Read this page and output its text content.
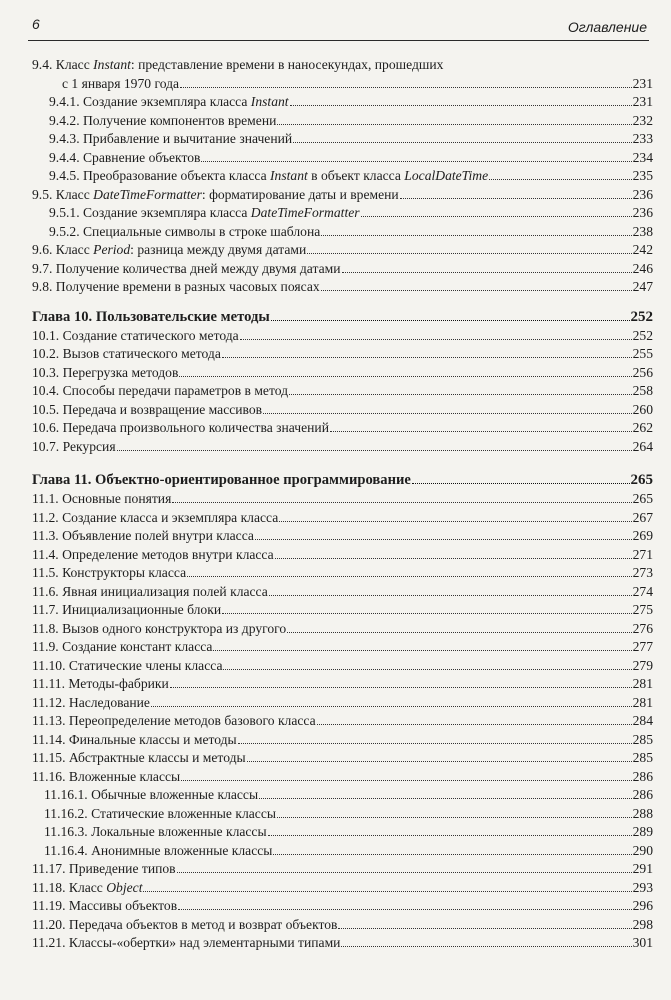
6	Оглавление
9.4. Класс Instant: представление времени в наносекундах, прошедших
с 1 января 1970 года	231
9.4.1. Создание экземпляра класса Instant	231
9.4.2. Получение компонентов времени	232
9.4.3. Прибавление и вычитание значений	233
9.4.4. Сравнение объектов	234
9.4.5. Преобразование объекта класса Instant в объект класса LocalDateTime	235
9.5. Класс DateTimeFormatter: форматирование даты и времени	236
9.5.1. Создание экземпляра класса DateTimeFormatter	236
9.5.2. Специальные символы в строке шаблона	238
9.6. Класс Period: разница между двумя датами	242
9.7. Получение количества дней между двумя датами	246
9.8. Получение времени в разных часовых поясах	247
Глава 10. Пользовательские методы	252
10.1. Создание статического метода	252
10.2. Вызов статического метода	255
10.3. Перегрузка методов	256
10.4. Способы передачи параметров в метод	258
10.5. Передача и возвращение массивов	260
10.6. Передача произвольного количества значений	262
10.7. Рекурсия	264
Глава 11. Объектно-ориентированное программирование	265
11.1. Основные понятия	265
11.2. Создание класса и экземпляра класса	267
11.3. Объявление полей внутри класса	269
11.4. Определение методов внутри класса	271
11.5. Конструкторы класса	273
11.6. Явная инициализация полей класса	274
11.7. Инициализационные блоки	275
11.8. Вызов одного конструктора из другого	276
11.9. Создание констант класса	277
11.10. Статические члены класса	279
11.11. Методы-фабрики	281
11.12. Наследование	281
11.13. Переопределение методов базового класса	284
11.14. Финальные классы и методы	285
11.15. Абстрактные классы и методы	285
11.16. Вложенные классы	286
11.16.1. Обычные вложенные классы	286
11.16.2. Статические вложенные классы	288
11.16.3. Локальные вложенные классы	289
11.16.4. Анонимные вложенные классы	290
11.17. Приведение типов	291
11.18. Класс Object	293
11.19. Массивы объектов	296
11.20. Передача объектов в метод и возврат объектов	298
11.21. Классы-«обертки» над элементарными типами	301
